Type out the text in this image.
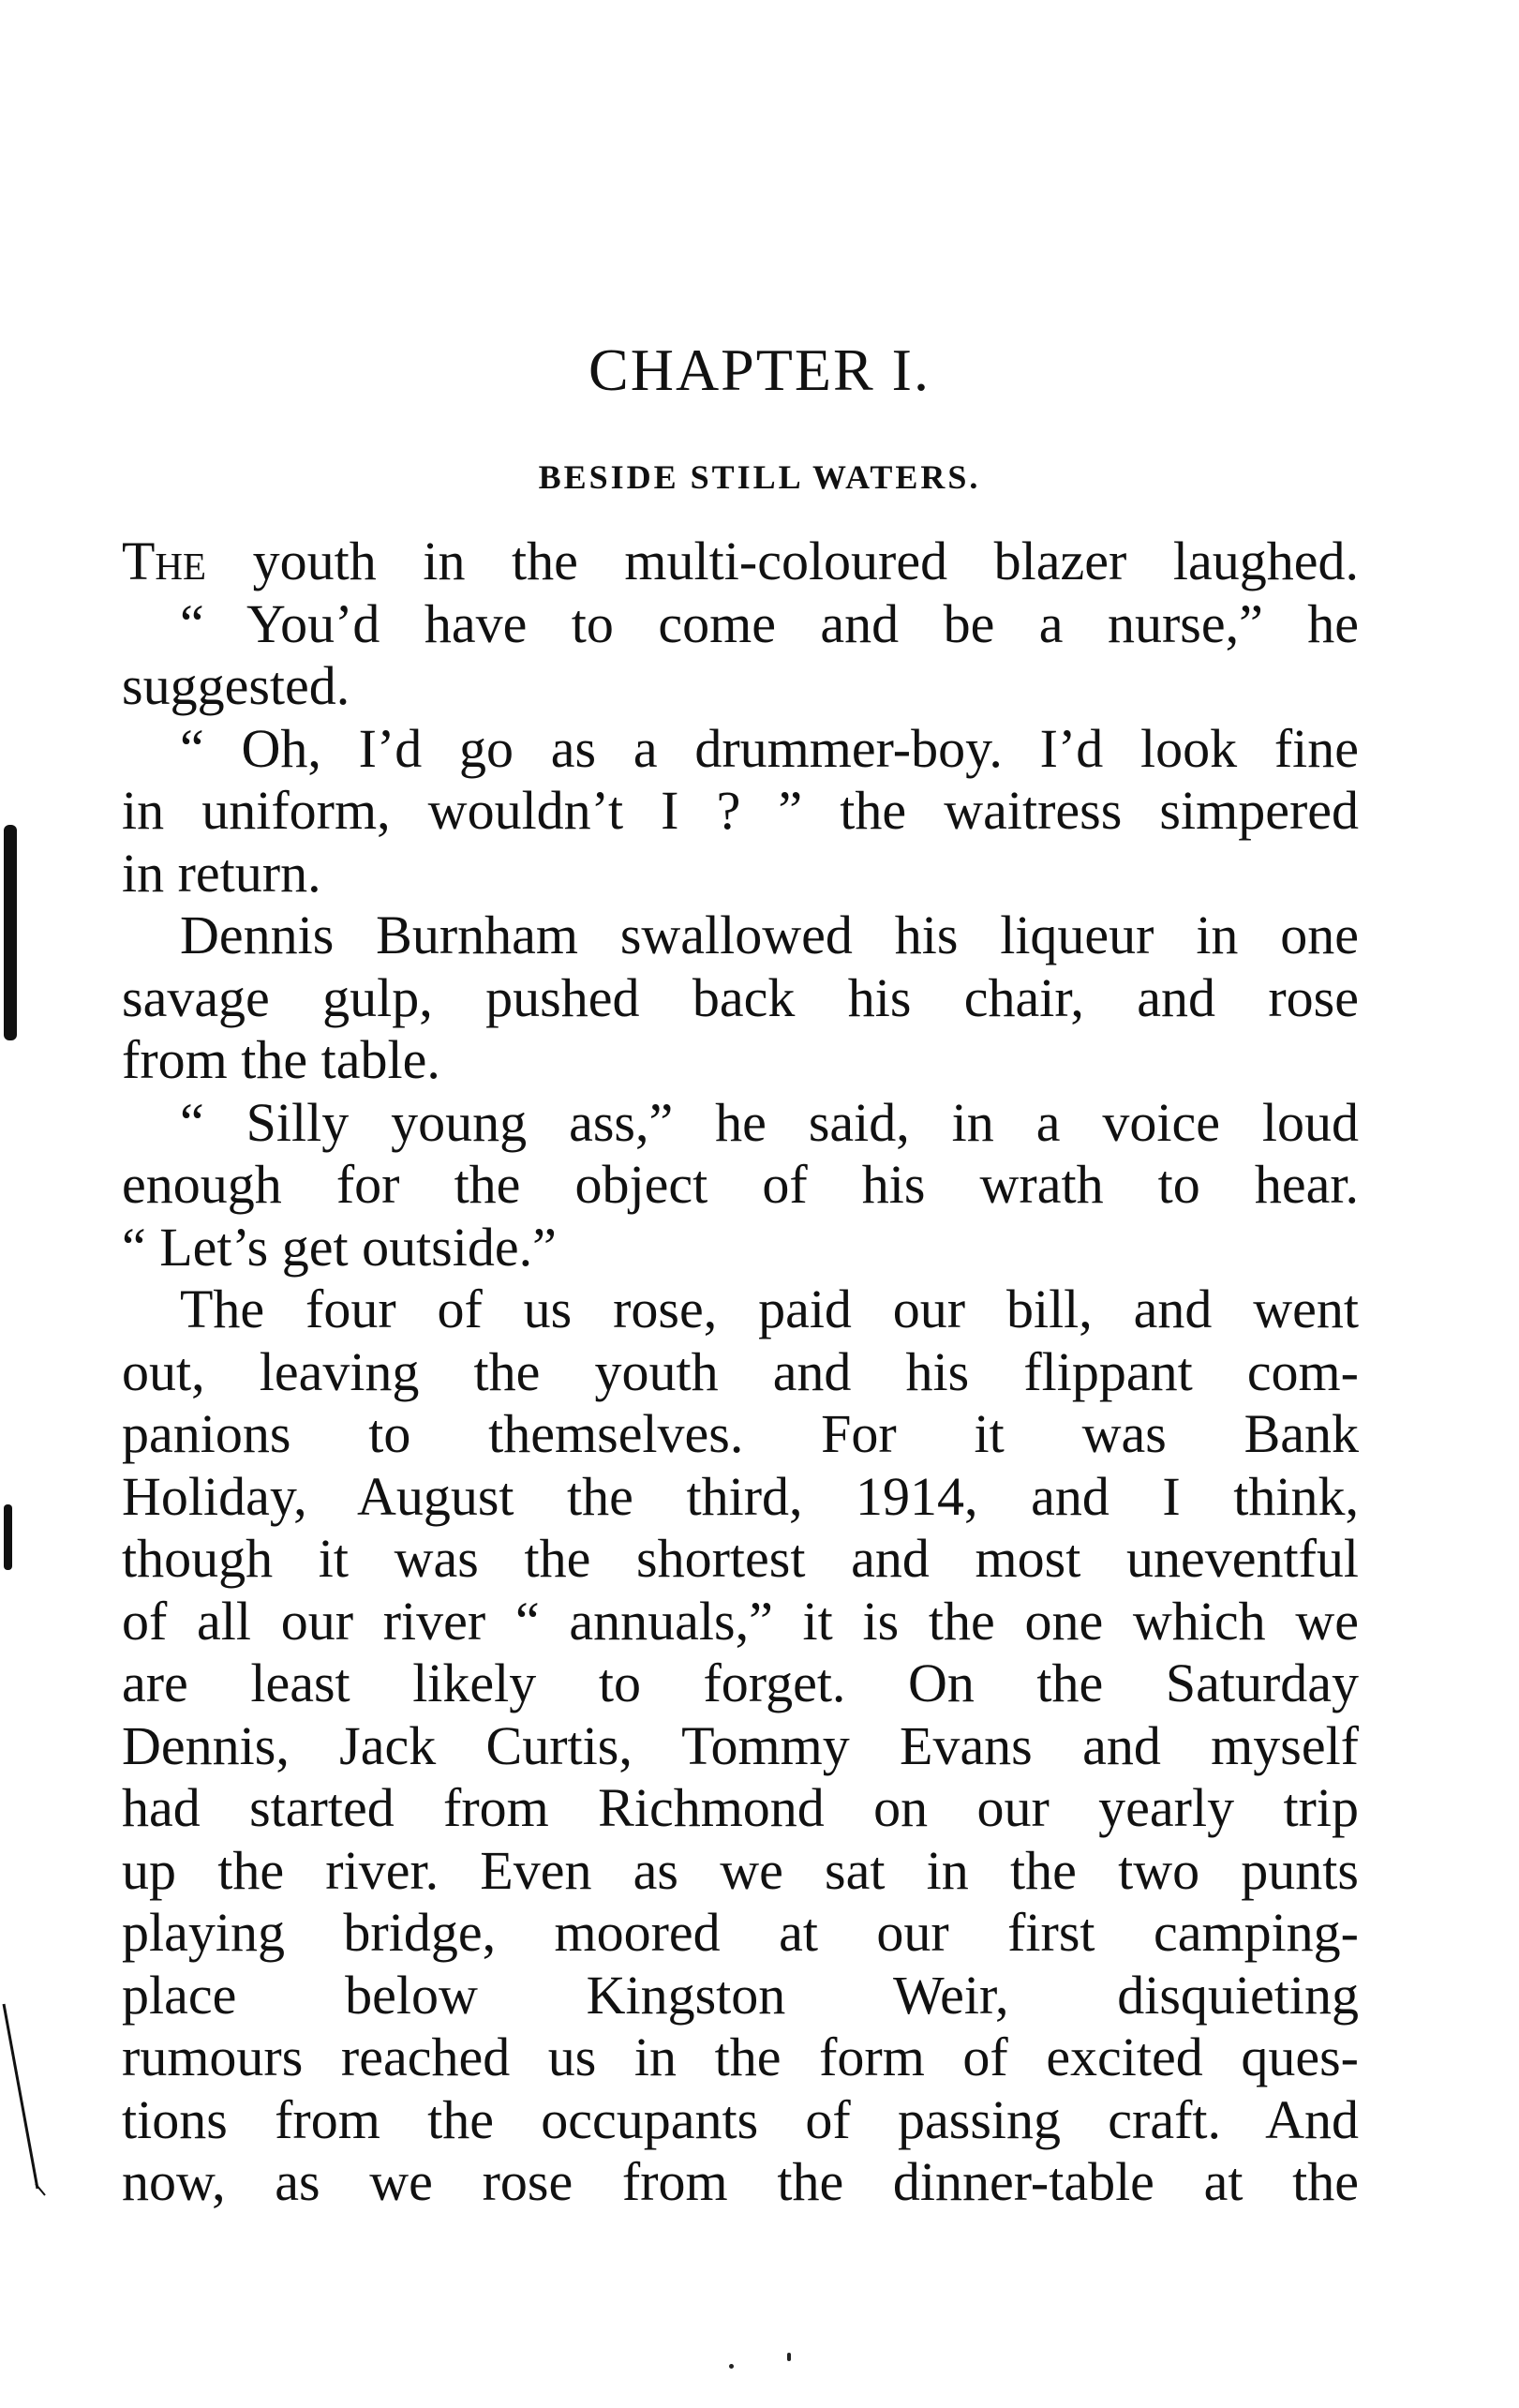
CHAPTER I.
BESIDE STILL WATERS.
The youth in the multi-coloured blazer laughed.
“ You’d have to come and be a nurse,” he
suggested.
“ Oh, I’d go as a drummer-boy. I’d look fine
in uniform, wouldn’t I ? ” the waitress simpered
in return.
Dennis Burnham swallowed his liqueur in one
savage gulp, pushed back his chair, and rose
from the table.
“ Silly young ass,” he said, in a voice loud
enough for the object of his wrath to hear.
“ Let’s get outside.”
The four of us rose, paid our bill, and went
out, leaving the youth and his flippant com-
panions to themselves. For it was Bank
Holiday, August the third, 1914, and I think,
though it was the shortest and most uneventful
of all our river “ annuals,” it is the one which we
are least likely to forget. On the Saturday
Dennis, Jack Curtis, Tommy Evans and myself
had started from Richmond on our yearly trip
up the river. Even as we sat in the two punts
playing bridge, moored at our first camping-
place below Kingston Weir, disquieting
rumours reached us in the form of excited ques-
tions from the occupants of passing craft. And
now, as we rose from the dinner-table at the
